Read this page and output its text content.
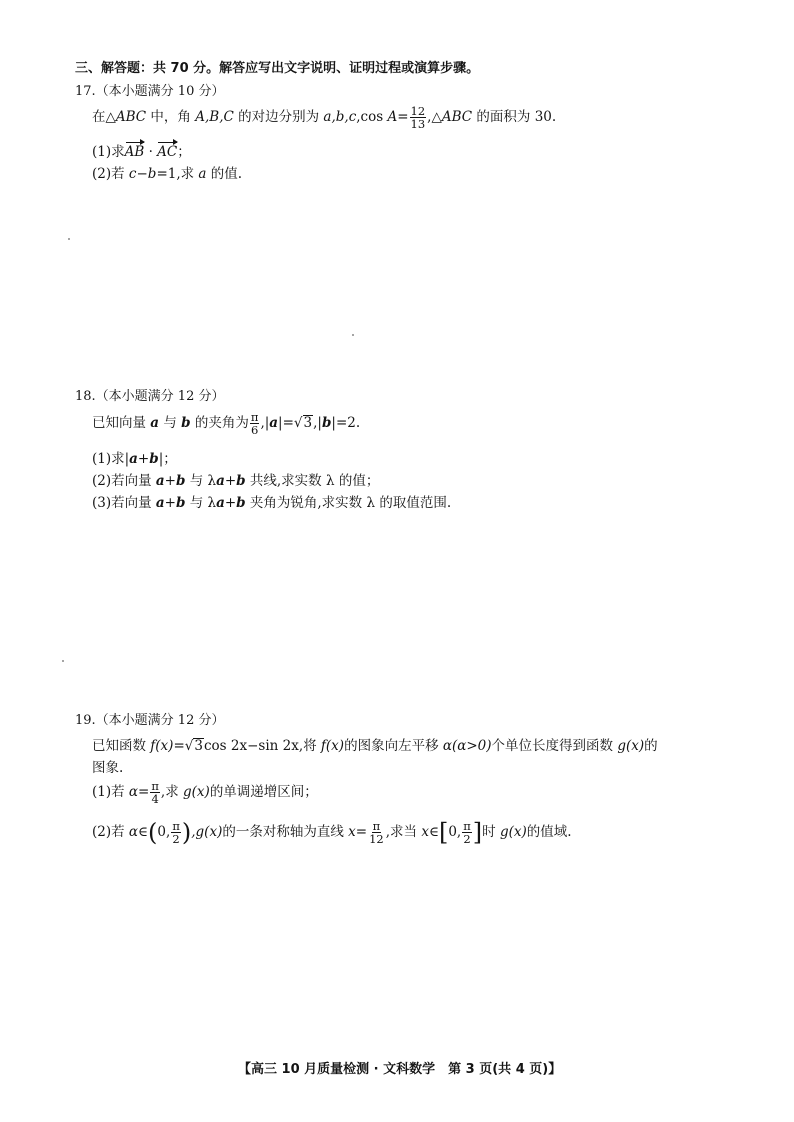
三、解答题：共 70 分。解答应写出文字说明、证明过程或演算步骤。
17.（本小题满分 10 分）
在△ABC 中，角 A,B,C 的对边分别为 a,b,c,cos $A= \frac{12}{13}$ ,△ABC 的面积为 30.
(1)求AB · AC；
(2)若 c−b=1,求 a 的值.
18.（本小题满分 12 分）
已知向量 a 与 b 的夹角为 $\frac{\pi}{6} ,|a|=√3,|b|=2$.
(1)求|a+b|；
(2)若向量 a+b 与 λa+b 共线,求实数 λ 的值；
(3)若向量 a+b 与 λa+b 夹角为锐角,求实数 λ 的取值范围.
19.（本小题满分 12 分）
已知函数 f(x)=√3cos 2x−sin 2x,将 f(x)的图象向左平移 α(α>0)个单位长度得到函数 g(x)的
图象.
(1)若 $\alpha= \frac{\pi}{4}$ ,求 g(x)的单调递增区间；
(2)若 α∈(0, $\frac{\pi}{2} ),g(x)$的一条对称轴为直线 $x= \frac{\pi}{12}$ ,求当 x∈[0, $\frac{\pi}{2}$ ]时 g(x)的值域.
【高三 10 月质量检测 · 文科数学　第 3 页(共 4 页)】
